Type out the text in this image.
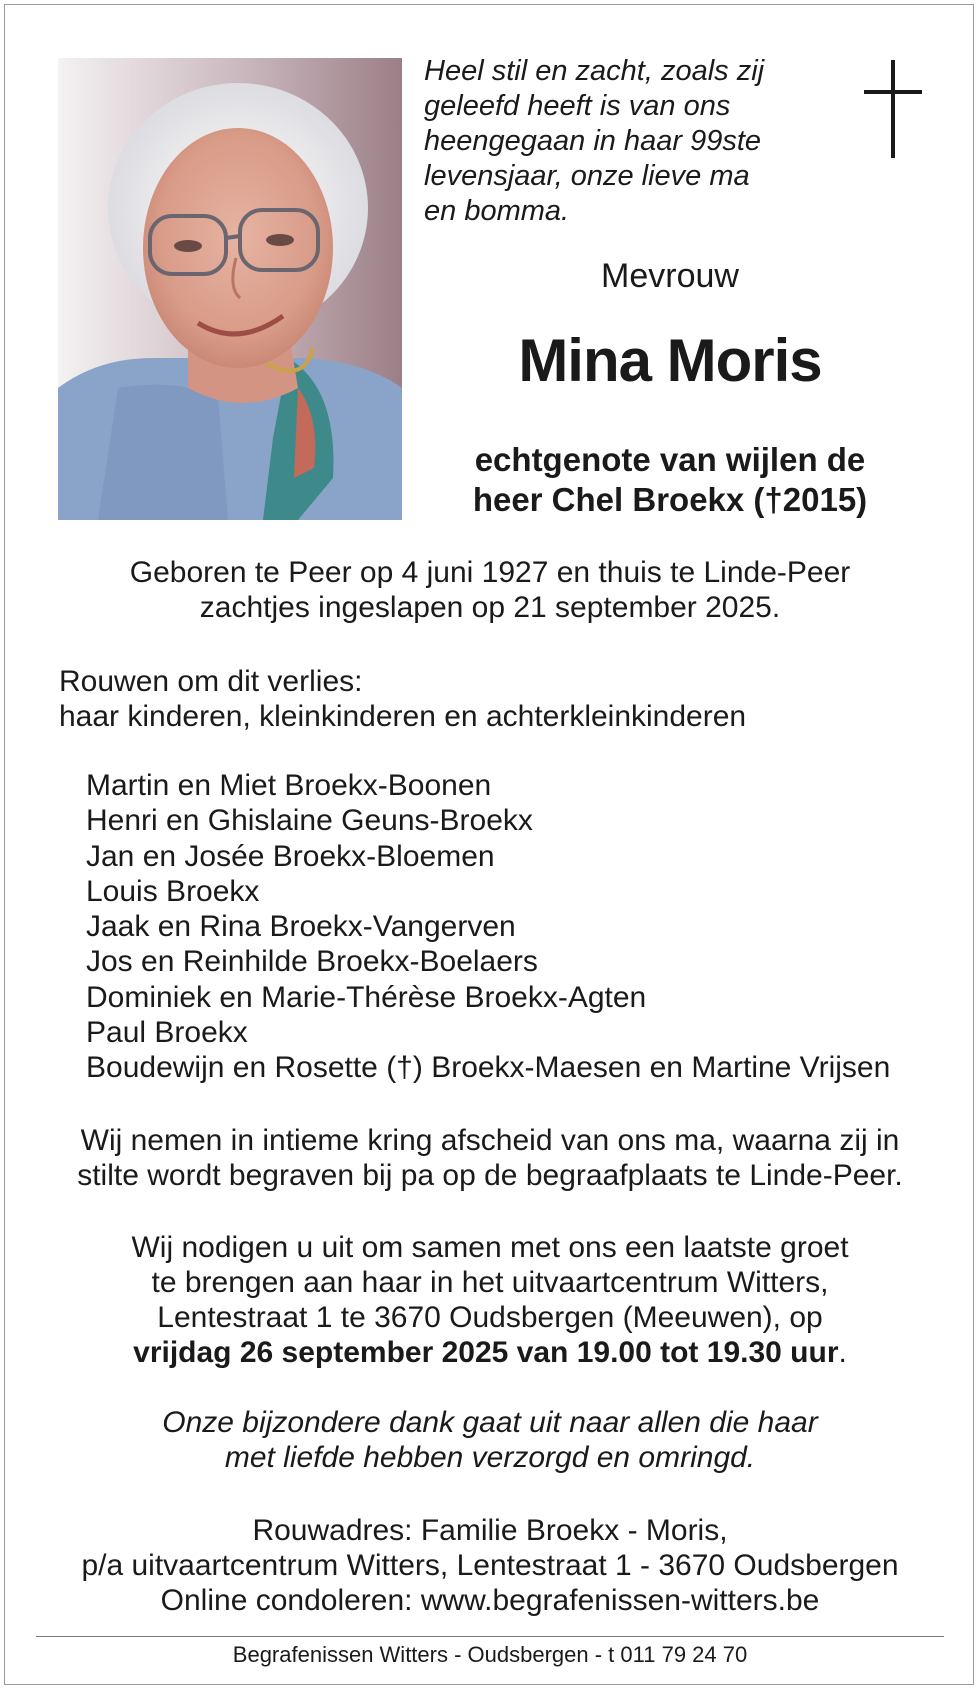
Heel stil en zacht, zoals zij
geleefd heeft is van ons
heengegaan in haar 99ste
levensjaar, onze lieve ma
en bomma.
Mevrouw
Mina Moris
echtgenote van wijlen de
heer Chel Broekx (†2015)
Geboren te Peer op 4 juni 1927 en thuis te Linde-Peer
zachtjes ingeslapen op 21 september 2025.
Rouwen om dit verlies:
haar kinderen, kleinkinderen en achterkleinkinderen
Martin en Miet Broekx-Boonen
Henri en Ghislaine Geuns-Broekx
Jan en Josée Broekx-Bloemen
Louis Broekx
Jaak en Rina Broekx-Vangerven
Jos en Reinhilde Broekx-Boelaers
Dominiek en Marie-Thérèse Broekx-Agten
Paul Broekx
Boudewijn en Rosette (†) Broekx-Maesen en Martine Vrijsen
Wij nemen in intieme kring afscheid van ons ma, waarna zij in
stilte wordt begraven bij pa op de begraafplaats te Linde-Peer.
Wij nodigen u uit om samen met ons een laatste groet
te brengen aan haar in het uitvaartcentrum Witters,
Lentestraat 1 te 3670 Oudsbergen (Meeuwen), op
vrijdag 26 september 2025 van 19.00 tot 19.30 uur.
Onze bijzondere dank gaat uit naar allen die haar
met liefde hebben verzorgd en omringd.
Rouwadres: Familie Broekx - Moris,
p/a uitvaartcentrum Witters, Lentestraat 1 - 3670 Oudsbergen
Online condoleren: www.begrafenissen-witters.be
Begrafenissen Witters - Oudsbergen - t 011 79 24 70
